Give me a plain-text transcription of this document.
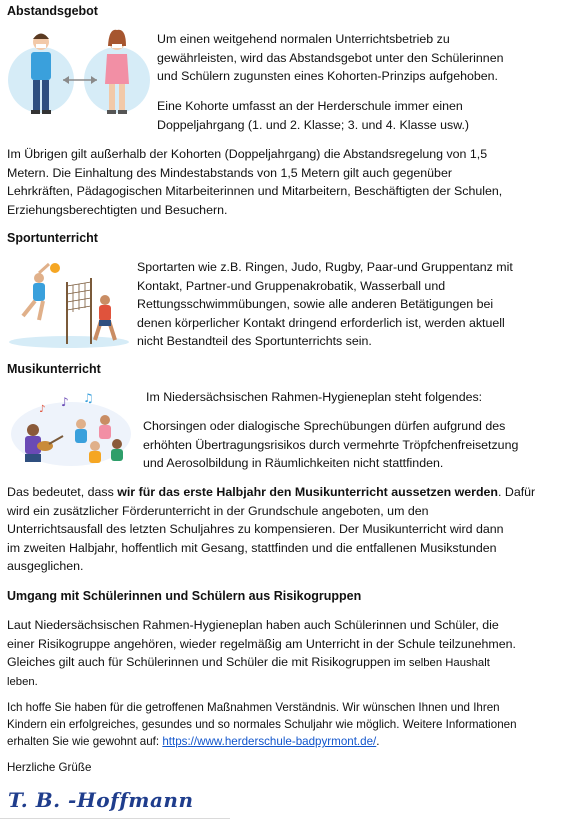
Abstandsgebot
Um einen weitgehend normalen Unterrichtsbetrieb zu
gewährleisten, wird das Abstandsgebot unter den Schülerinnen
und Schülern zugunsten eines Kohorten-Prinzips aufgehoben.
Eine Kohorte umfasst an der Herderschule immer einen
Doppeljahrgang (1. und 2. Klasse; 3. und 4. Klasse usw.)
Im Übrigen gilt außerhalb der Kohorten (Doppeljahrgang) die Abstandsregelung von 1,5
Metern. Die Einhaltung des Mindestabstands von 1,5 Metern gilt auch gegenüber
Lehrkräften, Pädagogischen Mitarbeiterinnen und Mitarbeitern, Beschäftigten der Schulen,
Erziehungsberechtigten und Besuchern.
Sportunterricht
Sportarten wie z.B. Ringen, Judo, Rugby, Paar-und Gruppentanz mit
Kontakt, Partner-und Gruppenakrobatik, Wasserball und
Rettungsschwimmübungen, sowie alle anderen Betätigungen bei
denen körperlicher Kontakt dringend erforderlich ist, werden aktuell
nicht Bestandteil des Sportunterrichts sein.
Musikunterricht
♪ ♫
♪
Im Niedersächsischen Rahmen-Hygieneplan steht folgendes:
Chorsingen oder dialogische Sprechübungen dürfen aufgrund des
erhöhten Übertragungsrisikos durch vermehrte Tröpfchenfreisetzung
und Aerosolbildung in Räumlichkeiten nicht stattfinden.
Das bedeutet, dass wir für das erste Halbjahr den Musikunterricht aussetzen werden. Dafür
wird ein zusätzlicher Förderunterricht in der Grundschule angeboten, um den
Unterrichtsausfall des letzten Schuljahres zu kompensieren. Der Musikunterricht wird dann
im zweiten Halbjahr, hoffentlich mit Gesang, stattfinden und die entfallenen Musikstunden
ausgeglichen.
Umgang mit Schülerinnen und Schülern aus Risikogruppen
Laut Niedersächsischen Rahmen-Hygieneplan haben auch Schülerinnen und Schüler, die
einer Risikogruppe angehören, wieder regelmäßig am Unterricht in der Schule teilzunehmen.
Gleiches gilt auch für Schülerinnen und Schüler die mit Risikogruppen im selben Haushalt
leben.
Ich hoffe Sie haben für die getroffenen Maßnahmen Verständnis. Wir wünschen Ihnen und Ihren
Kindern ein erfolgreiches, gesundes und so normales Schuljahr wie möglich. Weitere Informationen
erhalten Sie wie gewohnt auf: https://www.herderschule-badpyrmont.de/.
Herzliche Grüße
T. B. -Hoffmann
